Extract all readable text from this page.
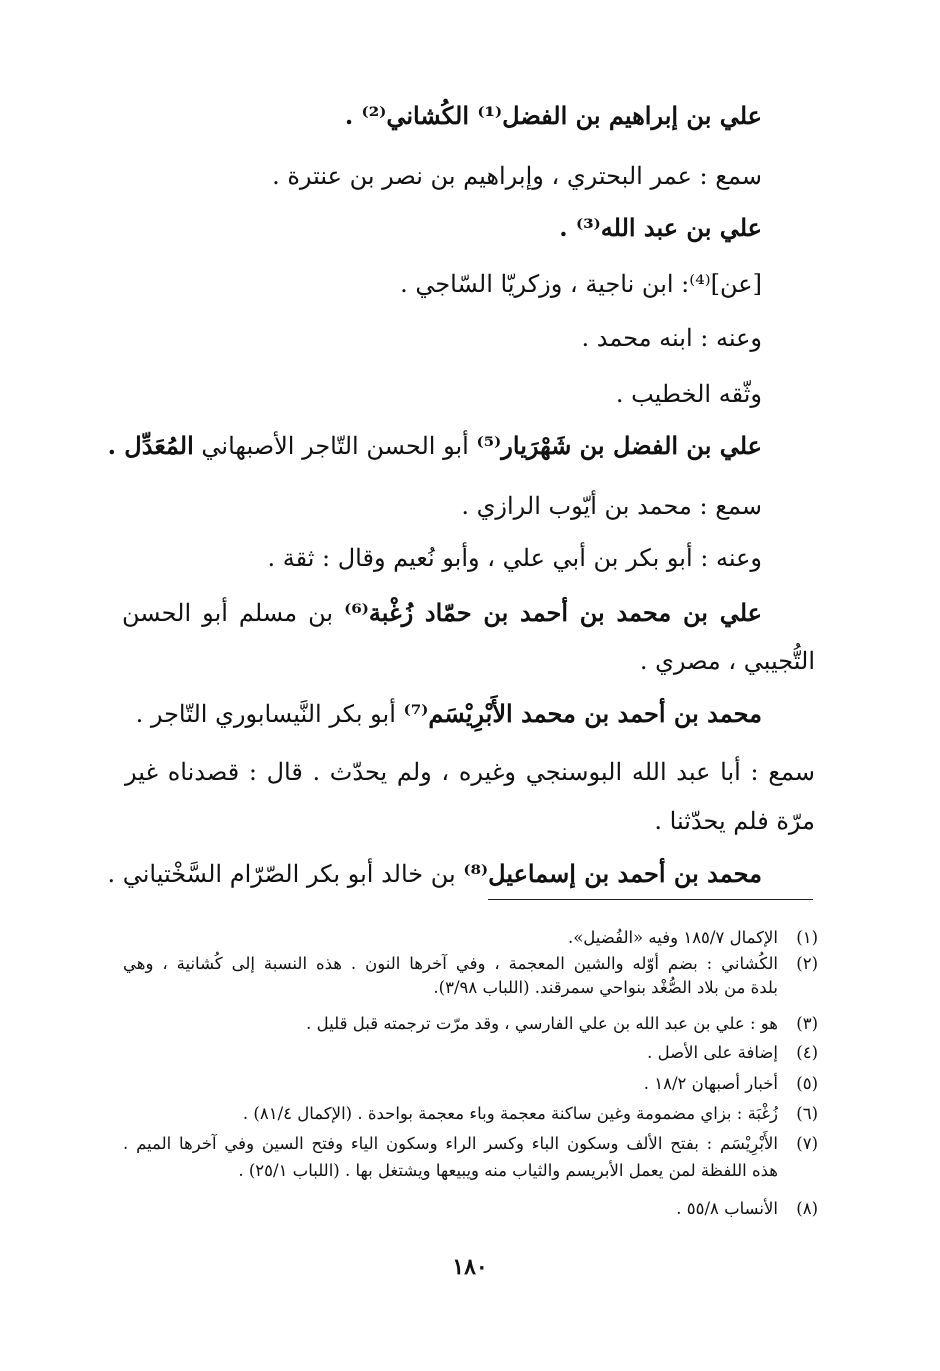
علي بن إبراهيم بن الفضل⁽¹⁾ الكُشاني⁽²⁾ .
سمع : عمر البحتري ، وإبراهيم بن نصر بن عنترة .
علي بن عبد الله⁽³⁾ .
[عن]⁽⁴⁾: ابن ناجية ، وزكريّا السّاجي .
وعنه : ابنه محمد .
وثّقه الخطيب .
علي بن الفضل بن شَهْرَيار⁽⁵⁾ أبو الحسن التّاجر الأصبهاني المُعَدِّل .
سمع : محمد بن أيّوب الرازي .
وعنه : أبو بكر بن أبي علي ، وأبو نُعيم وقال : ثقة .
علي بن محمد بن أحمد بن حمّاد زُغْبة⁽⁶⁾ بن مسلم أبو الحسن
التُّجيبي ، مصري .
محمد بن أحمد بن محمد الأَبْرِيْسَم⁽⁷⁾ أبو بكر النَّيسابوري التّاجر .
سمع : أبا عبد الله البوسنجي وغيره ، ولم يحدّث . قال : قصدناه غير
مرّة فلم يحدّثنا .
محمد بن أحمد بن إسماعيل⁽⁸⁾ بن خالد أبو بكر الصّرّام السَّخْتياني .
(١)
الإكمال ١٨٥/٧ وفيه «الفُضيل».
(٢)
الكُشاني : بضم أوّله والشين المعجمة ، وفي آخرها النون . هذه النسبة إلى كُشانية ، وهي
بلدة من بلاد الصُّغْد بنواحي سمرقند. (اللباب ٣/٩٨).
(٣)
هو : علي بن عبد الله بن علي الفارسي ، وقد مرّت ترجمته قبل قليل .
(٤)
إضافة على الأصل .
(٥)
أخبار أصبهان ١٨/٢ .
(٦)
زُغْبَة : بزاي مضمومة وغين ساكنة معجمة وباء معجمة بواحدة . (الإكمال ٨١/٤) .
(٧)
الأَبْرِيْسَم : بفتح الألف وسكون الباء وكسر الراء وسكون الياء وفتح السين وفي آخرها الميم .
هذه اللفظة لمن يعمل الأبريسم والثياب منه ويبيعها ويشتغل بها . (اللباب ٢٥/١) .
(٨)
الأنساب ٥٥/٨ .
١٨٠
